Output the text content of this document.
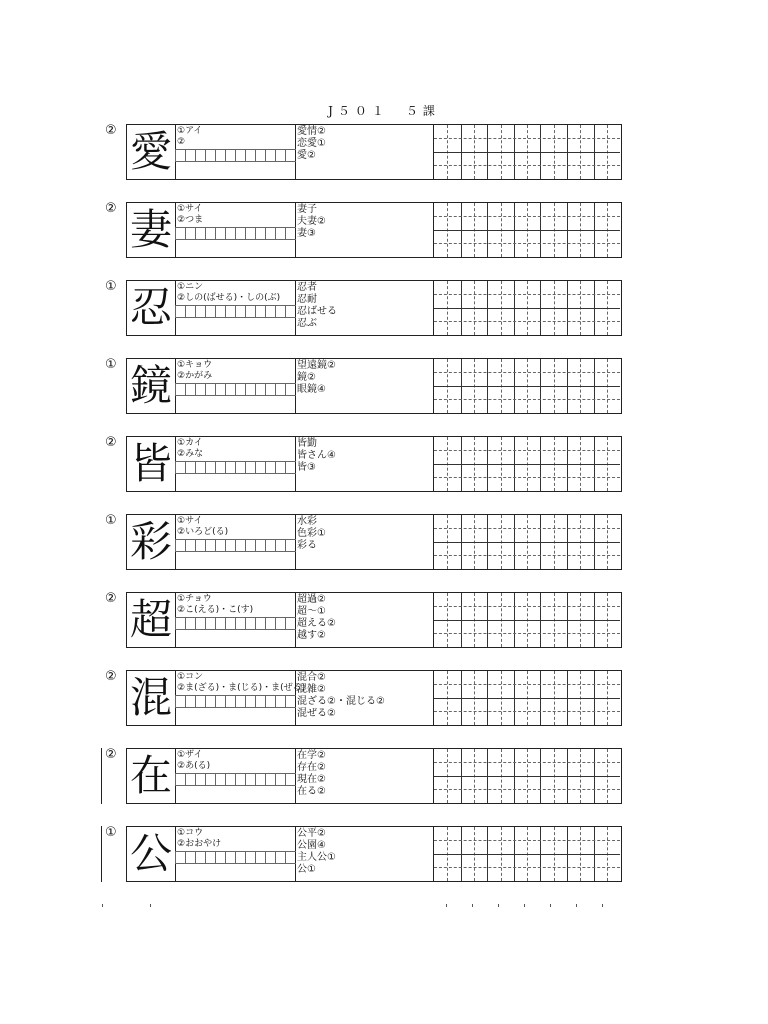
J５０１　５課
② 愛 ①アイ
②
愛情②
恋愛①
愛②
② 妻 ①サイ
②つま
妻子
夫妻②
妻③
① 忍 ①ニン
②しの(ばせる)・しの(ぶ)
忍者
忍耐
忍ばせる
忍ぶ
① 鏡 ①キョウ
②かがみ
望遠鏡②
鏡②
眼鏡④
② 皆 ①カイ
②みな
皆勤
皆さん④
皆③
① 彩 ①サイ
②いろど(る)
水彩
色彩①
彩る
② 超 ①チョウ
②こ(える)・こ(す)
超過②
超～①
超える②
越す②
② 混 ①コン
②ま(ざる)・ま(じる)・ま(ぜる)
混合②
混雑②
混ざる②・混じる②
混ぜる②
② 在 ①ザイ
②あ(る)
在学②
存在②
現在②
在る②
① 公 ①コウ
②おおやけ
公平②
公園④
主人公①
公①
